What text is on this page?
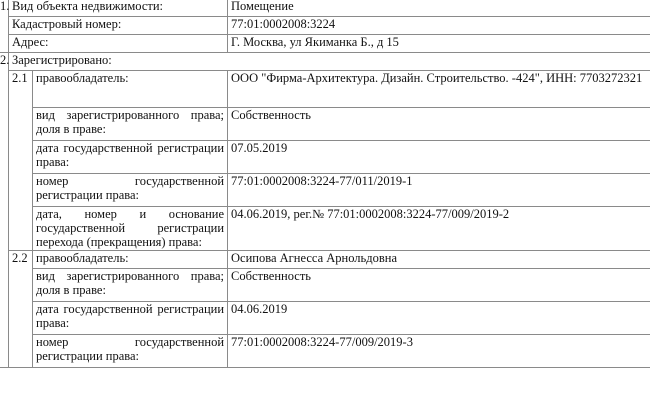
1.	Вид объекта недвижимости:		Помещение
	Кадастровый номер:		77:01:0002008:3224
	Адрес:		Г. Москва, ул Якиманка Б., д 15
2.	Зарегистрировано:		
	2.1	правообладатель:	ООО "Фирма-Архитектура. Дизайн. Строительство. -424", ИНН: 7703272321
		вид зарегистрированного права; доля в праве:	Собственность
		дата государственной регистрации права:	07.05.2019
		номер государственной регистрации права:	77:01:0002008:3224-77/011/2019-1
		дата, номер и основание государственной регистрации перехода (прекращения) права:	04.06.2019, рег.№ 77:01:0002008:3224-77/009/2019-2
	2.2	правообладатель:	Осипова Агнесса Арнольдовна
		вид зарегистрированного права; доля в праве:	Собственность
		дата государственной регистрации права:	04.06.2019
		номер государственной регистрации права:	77:01:0002008:3224-77/009/2019-3
